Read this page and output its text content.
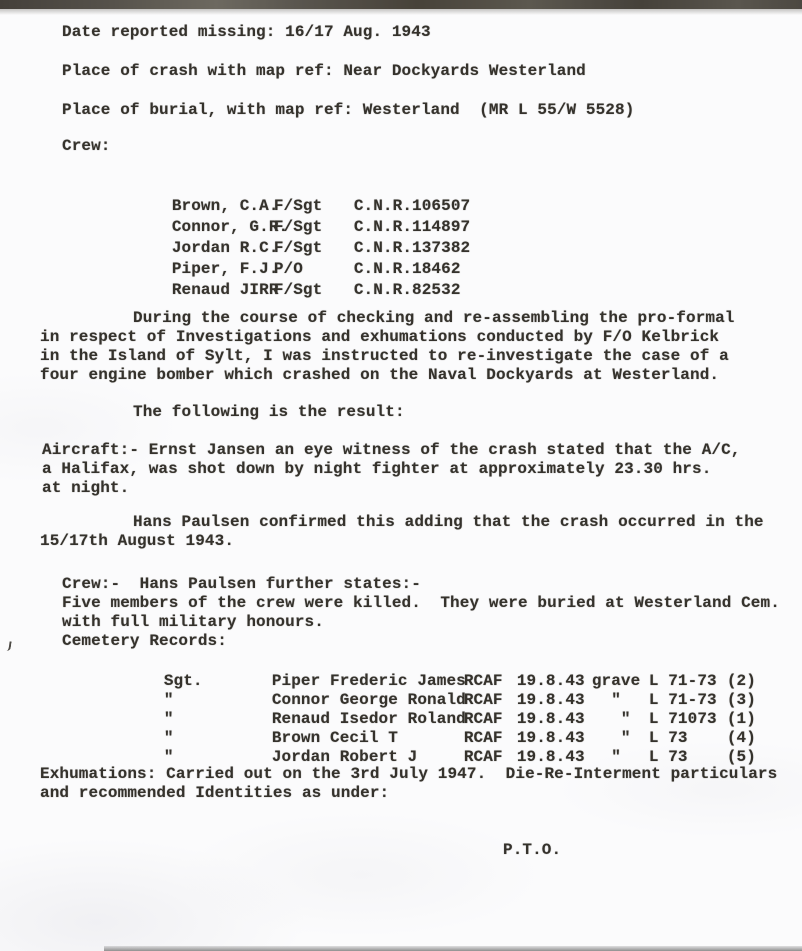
Date reported missing: 16/17 Aug. 1943
Place of crash with map ref: Near Dockyards Westerland
Place of burial, with map ref: Westerland  (MR L 55/W 5528)
Crew:

Brown, C.A.F/Sgt C.N.R.106507

Connor, G.R.F/Sgt C.N.R.114897

Jordan R.C.F/Sgt C.N.R.137382

Piper, F.J.P/O	C.N.R.18462

Renaud JIRRF/Sgt C.N.R.82532

During the course of checking and re-assembling the pro-formal
in respect of Investigations and exhumations conducted by F/O Kelbrick
in the Island of Sylt, I was instructed to re-investigate the case of a
four engine bomber which crashed on the Naval Dockyards at Westerland.
The following is the result:
Aircraft:- Ernst Jansen an eye witness of the crash stated that the A/C,
a Halifax, was shot down by night fighter at approximately 23.30 hrs.
at night.
Hans Paulsen confirmed this adding that the crash occurred in the
15/17th August 1943.
Crew:-  Hans Paulsen further states:-
Five members of the crew were killed.  They were buried at Westerland Cem.
with full military honours.
Cemetery Records:

Sgt.	Piper Frederic JamesRCAF 19.8.43 grave L 71-73 (2)

"	Connor George RonaldRCAF 19.8.43  " L 71-73 (3)

"	Renaud Isedor RolandRCAF 19.8.43   " L 71073 (1)

"	Brown Cecil T	RCAF 19.8.43   " L 73 (4)

"	Jordan Robert J	RCAF 19.8.43  " L 73 (5)

Exhumations: Carried out on the 3rd July 1947.  Die-Re-Interment particulars
and recommended Identities as under:
P.T.O.
